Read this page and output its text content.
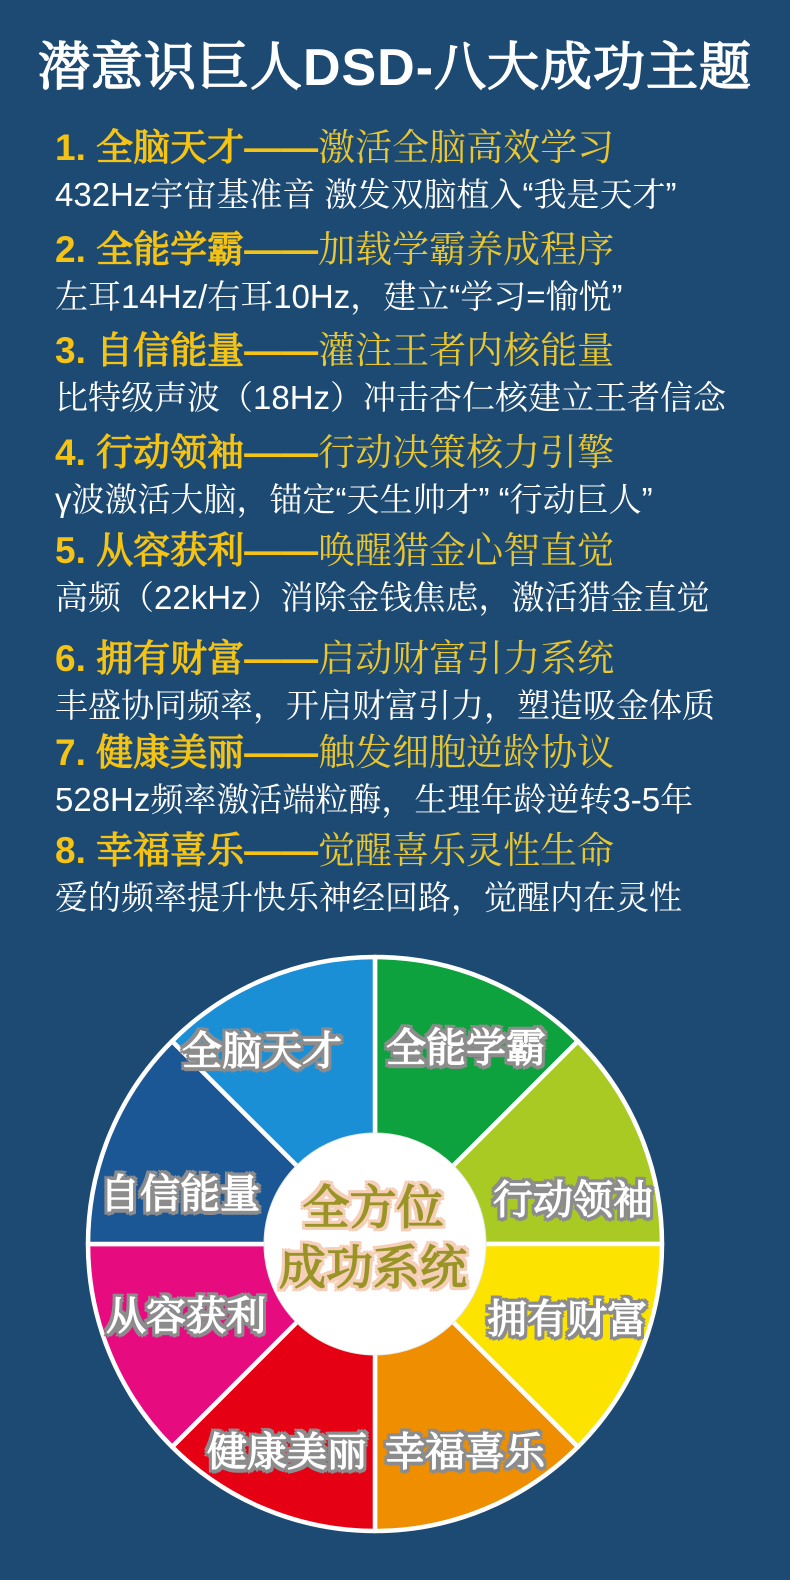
潜意识巨人DSD-八大成功主题
1. 全脑天才——激活全脑高效学习
432Hz宇宙基准音 激发双脑植入“我是天才”
2. 全能学霸——加载学霸养成程序
左耳14Hz/右耳10Hz，建立“学习=愉悦”
3. 自信能量——灌注王者内核能量
比特级声波（18Hz）冲击杏仁核建立王者信念
4. 行动领袖——行动决策核力引擎
γ波激活大脑，锚定“天生帅才” “行动巨人”
5. 从容获利——唤醒猎金心智直觉
高频（22kHz）消除金钱焦虑，激活猎金直觉
6. 拥有财富——启动财富引力系统
丰盛协同频率，开启财富引力，塑造吸金体质
7. 健康美丽——触发细胞逆龄协议
528Hz频率激活端粒酶，生理年龄逆转3-5年
8. 幸福喜乐——觉醒喜乐灵性生命
爱的频率提升快乐神经回路，觉醒内在灵性
全能学霸
行动领袖
拥有财富
幸福喜乐
健康美丽
从容获利
自信能量
全脑天才
全方位
成功系统
